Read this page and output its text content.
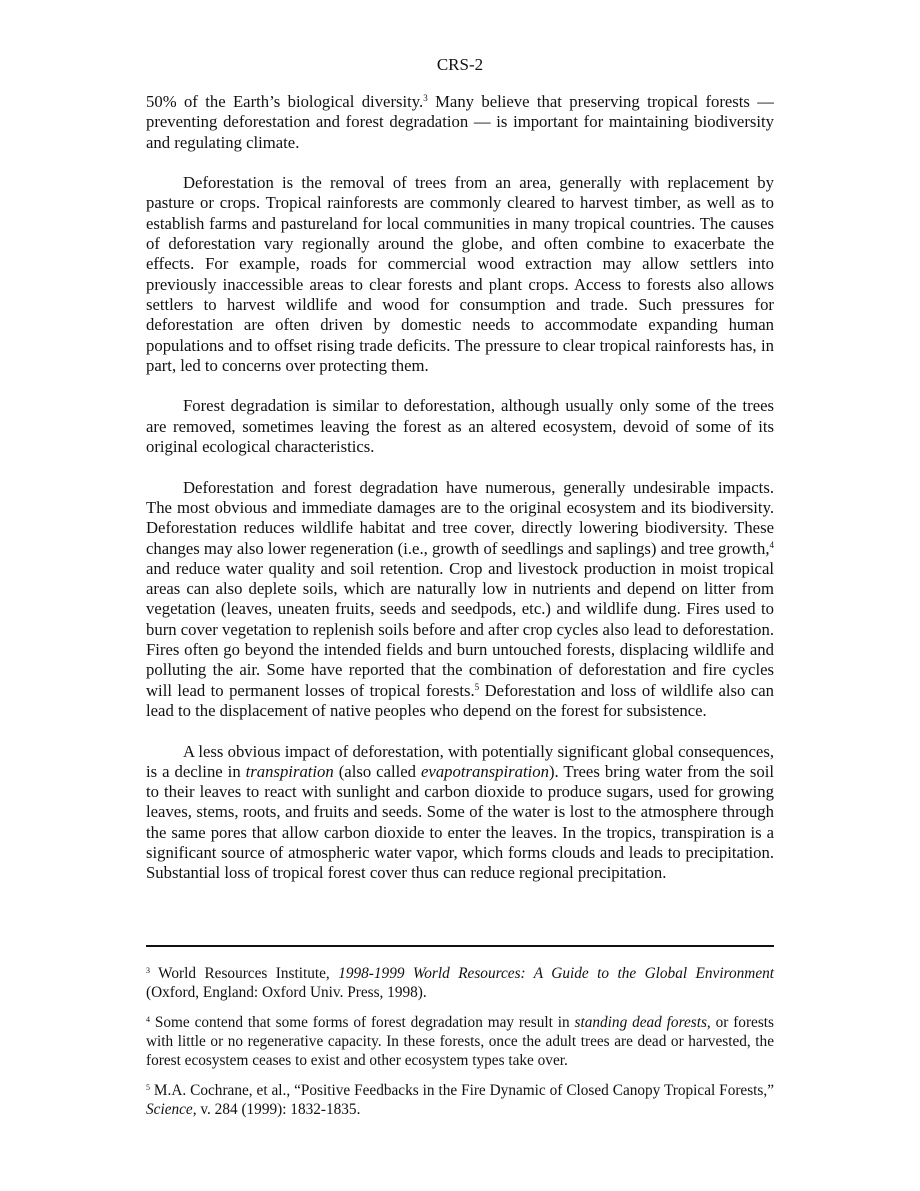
CRS-2

50% of the Earth’s biological diversity.$^3$ Many believe that preserving tropical forests — preventing deforestation and forest degradation — is important for maintaining biodiversity and regulating climate.

Deforestation is the removal of trees from an area, generally with replacement by pasture or crops. Tropical rainforests are commonly cleared to harvest timber, as well as to establish farms and pastureland for local communities in many tropical countries. The causes of deforestation vary regionally around the globe, and often combine to exacerbate the effects. For example, roads for commercial wood extraction may allow settlers into previously inaccessible areas to clear forests and plant crops. Access to forests also allows settlers to harvest wildlife and wood for consumption and trade. Such pressures for deforestation are often driven by domestic needs to accommodate expanding human populations and to offset rising trade deficits. The pressure to clear tropical rainforests has, in part, led to concerns over protecting them.

Forest degradation is similar to deforestation, although usually only some of the trees are removed, sometimes leaving the forest as an altered ecosystem, devoid of some of its original ecological characteristics.

Deforestation and forest degradation have numerous, generally undesirable impacts. The most obvious and immediate damages are to the original ecosystem and its biodiversity. Deforestation reduces wildlife habitat and tree cover, directly lowering biodiversity. These changes may also lower regeneration (i.e., growth of seedlings and saplings) and tree growth,$^4$ and reduce water quality and soil retention. Crop and livestock production in moist tropical areas can also deplete soils, which are naturally low in nutrients and depend on litter from vegetation (leaves, uneaten fruits, seeds and seedpods, etc.) and wildlife dung. Fires used to burn cover vegetation to replenish soils before and after crop cycles also lead to deforestation. Fires often go beyond the intended fields and burn untouched forests, displacing wildlife and polluting the air. Some have reported that the combination of deforestation and fire cycles will lead to permanent losses of tropical forests.$^5$ Deforestation and loss of wildlife also can lead to the displacement of native peoples who depend on the forest for subsistence.

A less obvious impact of deforestation, with potentially significant global consequences, is a decline in transpiration (also called evapotranspiration). Trees bring water from the soil to their leaves to react with sunlight and carbon dioxide to produce sugars, used for growing leaves, stems, roots, and fruits and seeds. Some of the water is lost to the atmosphere through the same pores that allow carbon dioxide to enter the leaves. In the tropics, transpiration is a significant source of atmospheric water vapor, which forms clouds and leads to precipitation. Substantial loss of tropical forest cover thus can reduce regional precipitation.

$^3$ World Resources Institute, 1998-1999 World Resources: A Guide to the Global Environment (Oxford, England: Oxford Univ. Press, 1998).

$^4$ Some contend that some forms of forest degradation may result in standing dead forests, or forests with little or no regenerative capacity. In these forests, once the adult trees are dead or harvested, the forest ecosystem ceases to exist and other ecosystem types take over.

$^5$ M.A. Cochrane, et al., “Positive Feedbacks in the Fire Dynamic of Closed Canopy Tropical Forests,” Science, v. 284 (1999): 1832-1835.
